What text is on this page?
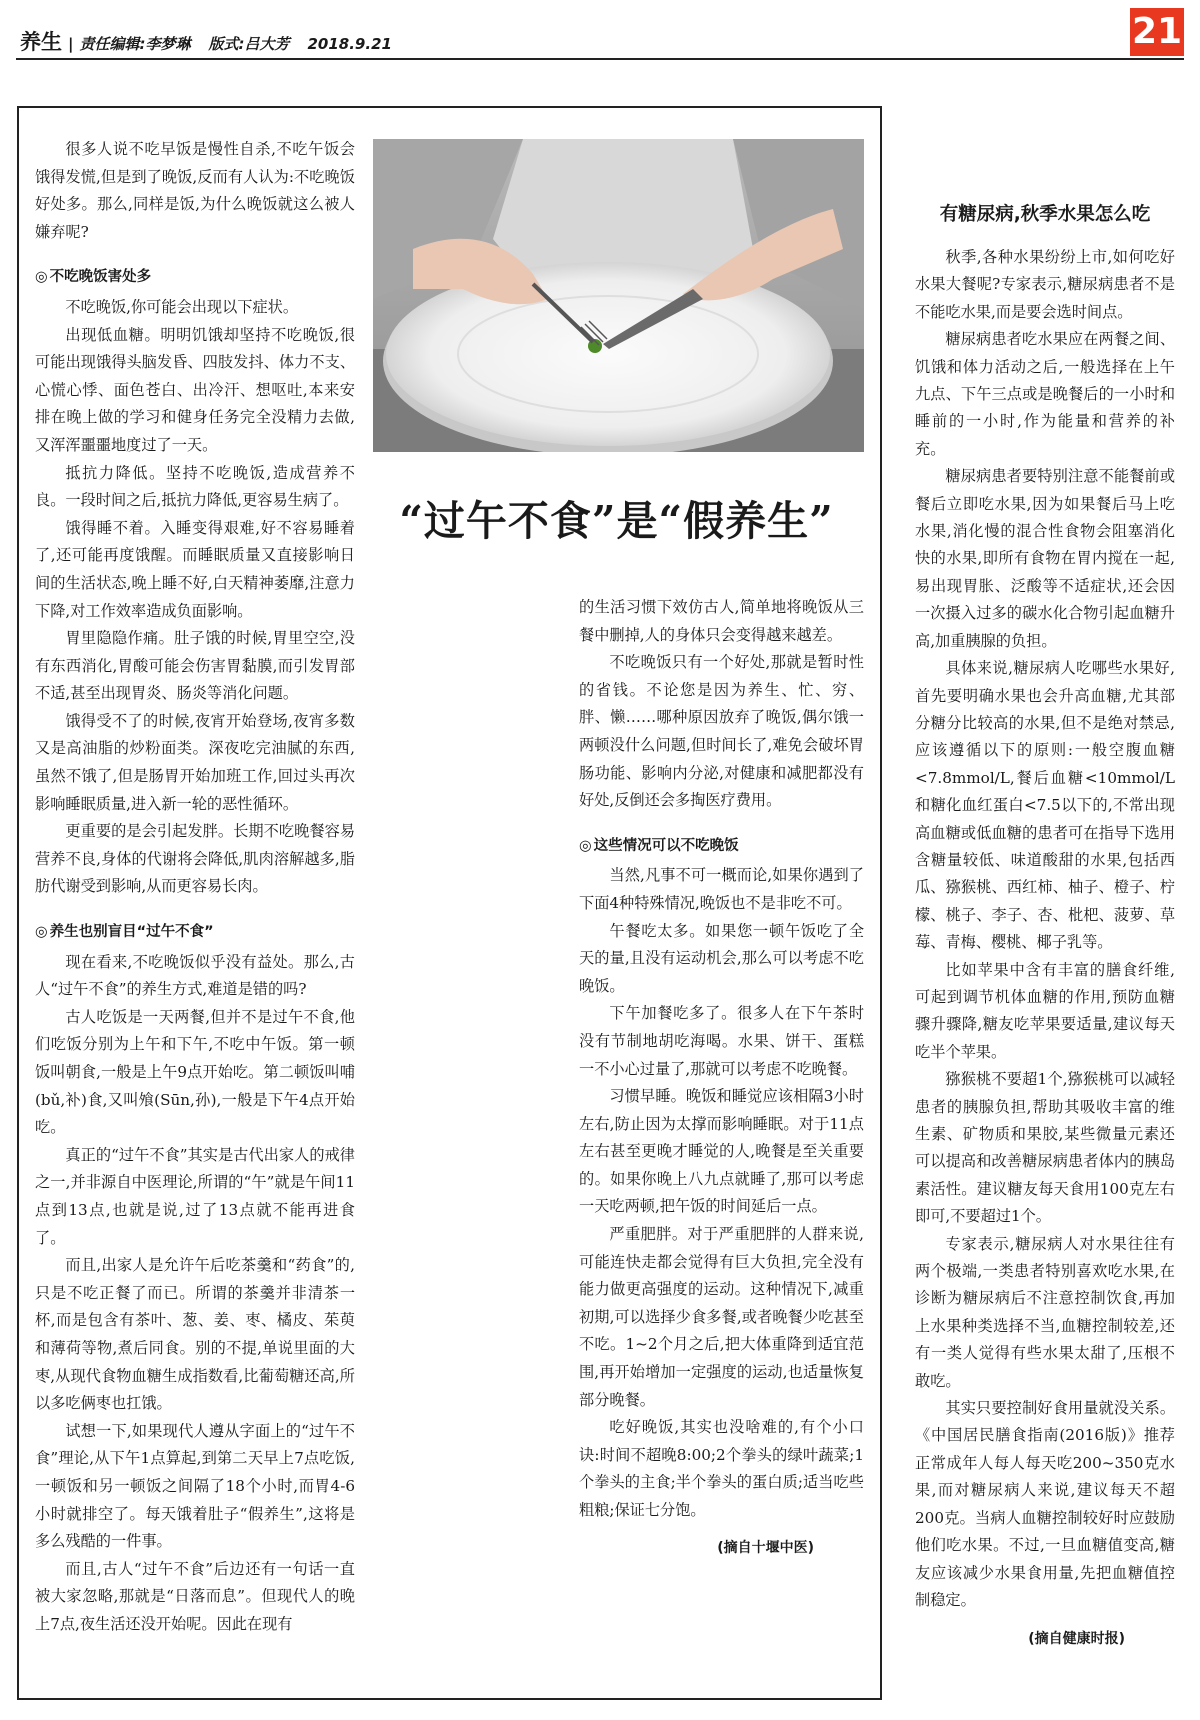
养生 | 责任编辑:李梦琳 版式:吕大芳 2018.9.21	21
“过午不食”是“假养生”

很多人说不吃早饭是慢性自杀,不吃午饭会饿得发慌,但是到了晚饭,反而有人认为:不吃晚饭好处多。那么,同样是饭,为什么晚饭就这么被人嫌弃呢?

◎ 不吃晚饭害处多

不吃晚饭,你可能会出现以下症状。

出现低血糖。明明饥饿却坚持不吃晚饭,很可能出现饿得头脑发昏、四肢发抖、体力不支、心慌心悸、面色苍白、出冷汗、想呕吐,本来安排在晚上做的学习和健身任务完全没精力去做,又浑浑噩噩地度过了一天。

抵抗力降低。坚持不吃晚饭,造成营养不良。一段时间之后,抵抗力降低,更容易生病了。

饿得睡不着。入睡变得艰难,好不容易睡着了,还可能再度饿醒。而睡眠质量又直接影响日间的生活状态,晚上睡不好,白天精神萎靡,注意力下降,对工作效率造成负面影响。

胃里隐隐作痛。肚子饿的时候,胃里空空,没有东西消化,胃酸可能会伤害胃黏膜,而引发胃部不适,甚至出现胃炎、肠炎等消化问题。

饿得受不了的时候,夜宵开始登场,夜宵多数又是高油脂的炒粉面类。深夜吃完油腻的东西,虽然不饿了,但是肠胃开始加班工作,回过头再次影响睡眠质量,进入新一轮的恶性循环。

更重要的是会引起发胖。长期不吃晚餐容易营养不良,身体的代谢将会降低,肌肉溶解越多,脂肪代谢受到影响,从而更容易长肉。

◎ 养生也别盲目“过午不食”

现在看来,不吃晚饭似乎没有益处。那么,古人“过午不食”的养生方式,难道是错的吗?

古人吃饭是一天两餐,但并不是过午不食,他们吃饭分别为上午和下午,不吃中午饭。第一顿饭叫朝食,一般是上午9点开始吃。第二顿饭叫哺(bǔ,补)食,又叫飧(Sūn,孙),一般是下午4点开始吃。

真正的“过午不食”其实是古代出家人的戒律之一,并非源自中医理论,所谓的“午”就是午间11点到13点,也就是说,过了13点就不能再进食了。

而且,出家人是允许午后吃茶羹和“药食”的,只是不吃正餐了而已。所谓的茶羹并非清茶一杯,而是包含有茶叶、葱、姜、枣、橘皮、茱萸和薄荷等物,煮后同食。别的不提,单说里面的大枣,从现代食物血糖生成指数看,比葡萄糖还高,所以多吃俩枣也扛饿。

试想一下,如果现代人遵从字面上的“过午不食”理论,从下午1点算起,到第二天早上7点吃饭,一顿饭和另一顿饭之间隔了18个小时,而胃4-6小时就排空了。每天饿着肚子“假养生”,这将是多么残酷的一件事。

而且,古人“过午不食”后边还有一句话一直被大家忽略,那就是“日落而息”。但现代人的晚上7点,夜生活还没开始呢。因此在现有

的生活习惯下效仿古人,简单地将晚饭从三餐中删掉,人的身体只会变得越来越差。

不吃晚饭只有一个好处,那就是暂时性的省钱。不论您是因为养生、忙、穷、胖、懒……哪种原因放弃了晚饭,偶尔饿一两顿没什么问题,但时间长了,难免会破坏胃肠功能、影响内分泌,对健康和减肥都没有好处,反倒还会多掏医疗费用。

◎ 这些情况可以不吃晚饭

当然,凡事不可一概而论,如果你遇到了下面4种特殊情况,晚饭也不是非吃不可。

午餐吃太多。如果您一顿午饭吃了全天的量,且没有运动机会,那么可以考虑不吃晚饭。

下午加餐吃多了。很多人在下午茶时没有节制地胡吃海喝。水果、饼干、蛋糕一不小心过量了,那就可以考虑不吃晚餐。

习惯早睡。晚饭和睡觉应该相隔3小时左右,防止因为太撑而影响睡眠。对于11点左右甚至更晚才睡觉的人,晚餐是至关重要的。如果你晚上八九点就睡了,那可以考虑一天吃两顿,把午饭的时间延后一点。

严重肥胖。对于严重肥胖的人群来说,可能连快走都会觉得有巨大负担,完全没有能力做更高强度的运动。这种情况下,减重初期,可以选择少食多餐,或者晚餐少吃甚至不吃。1~2个月之后,把大体重降到适宜范围,再开始增加一定强度的运动,也适量恢复部分晚餐。

吃好晚饭,其实也没啥难的,有个小口诀:时间不超晚8:00;2个拳头的绿叶蔬菜;1个拳头的主食;半个拳头的蛋白质;适当吃些粗粮;保证七分饱。

(摘自十堰中医)
有糖尿病,秋季水果怎么吃

秋季,各种水果纷纷上市,如何吃好水果大餐呢?专家表示,糖尿病患者不是不能吃水果,而是要会选时间点。

糖尿病患者吃水果应在两餐之间、饥饿和体力活动之后,一般选择在上午九点、下午三点或是晚餐后的一小时和睡前的一小时,作为能量和营养的补充。

糖尿病患者要特别注意不能餐前或餐后立即吃水果,因为如果餐后马上吃水果,消化慢的混合性食物会阻塞消化快的水果,即所有食物在胃内搅在一起,易出现胃胀、泛酸等不适症状,还会因一次摄入过多的碳水化合物引起血糖升高,加重胰腺的负担。

具体来说,糖尿病人吃哪些水果好,首先要明确水果也会升高血糖,尤其部分糖分比较高的水果,但不是绝对禁忌,应该遵循以下的原则:一般空腹血糖<7.8mmol/L,餐后血糖<10mmol/L和糖化血红蛋白<7.5以下的,不常出现高血糖或低血糖的患者可在指导下选用含糖量较低、味道酸甜的水果,包括西瓜、猕猴桃、西红柿、柚子、橙子、柠檬、桃子、李子、杏、枇杷、菠萝、草莓、青梅、樱桃、椰子乳等。

比如苹果中含有丰富的膳食纤维,可起到调节机体血糖的作用,预防血糖骤升骤降,糖友吃苹果要适量,建议每天吃半个苹果。

猕猴桃不要超1个,猕猴桃可以减轻患者的胰腺负担,帮助其吸收丰富的维生素、矿物质和果胶,某些微量元素还可以提高和改善糖尿病患者体内的胰岛素活性。建议糖友每天食用100克左右即可,不要超过1个。

专家表示,糖尿病人对水果往往有两个极端,一类患者特别喜欢吃水果,在诊断为糖尿病后不注意控制饮食,再加上水果种类选择不当,血糖控制较差,还有一类人觉得有些水果太甜了,压根不敢吃。

其实只要控制好食用量就没关系。《中国居民膳食指南(2016版)》推荐正常成年人每人每天吃200~350克水果,而对糖尿病人来说,建议每天不超200克。当病人血糖控制较好时应鼓励他们吃水果。不过,一旦血糖值变高,糖友应该减少水果食用量,先把血糖值控制稳定。

(摘自健康时报)
